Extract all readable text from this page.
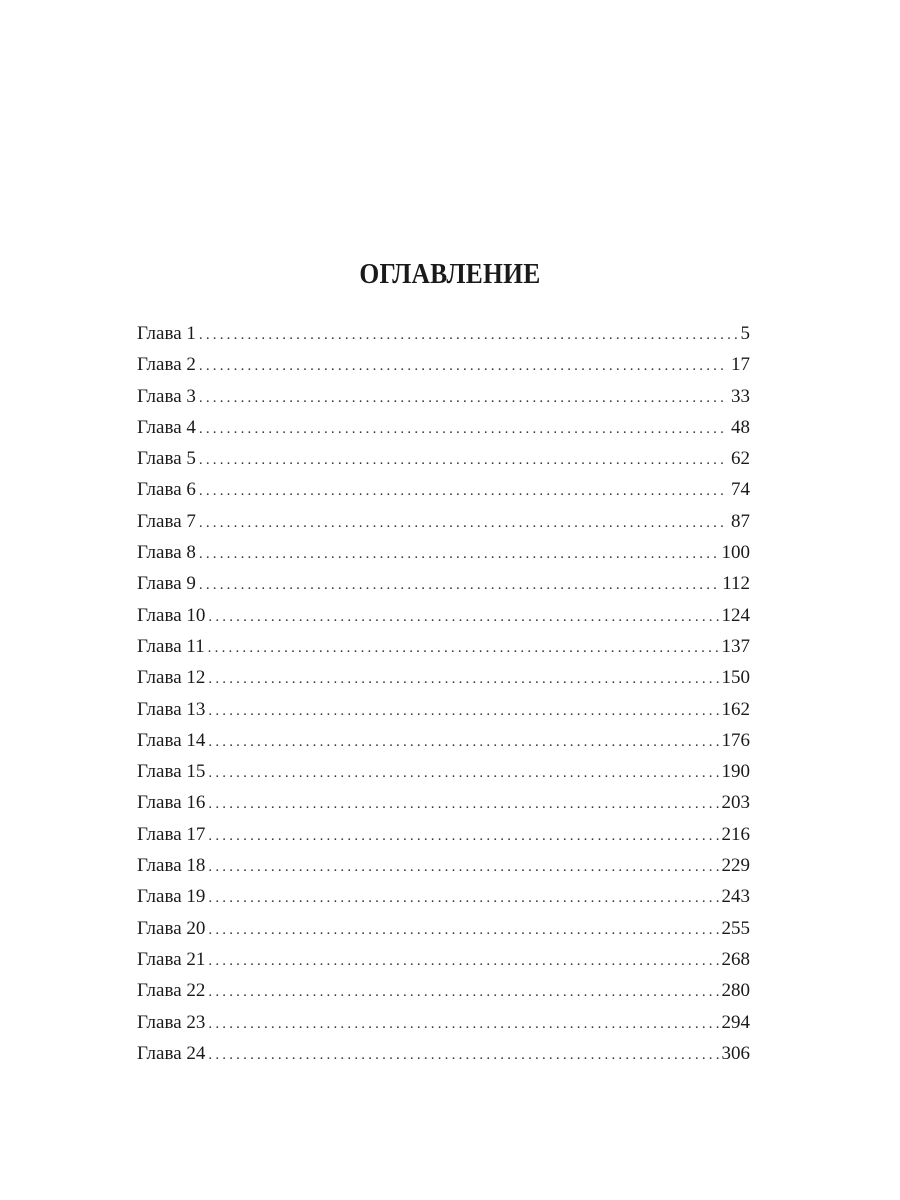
ОГЛАВЛЕНИЕ
Глава 1 .....	5
Глава 2 .....	17
Глава 3 .....	33
Глава 4 .....	48
Глава 5 .....	62
Глава 6 .....	74
Глава 7 .....	87
Глава 8 .....	100
Глава 9 .....	112
Глава 10 .....	124
Глава 11 .....	137
Глава 12 .....	150
Глава 13 .....	162
Глава 14 .....	176
Глава 15 .....	190
Глава 16 .....	203
Глава 17 .....	216
Глава 18 .....	229
Глава 19 .....	243
Глава 20 .....	255
Глава 21 .....	268
Глава 22 .....	280
Глава 23 .....	294
Глава 24 .....	306
